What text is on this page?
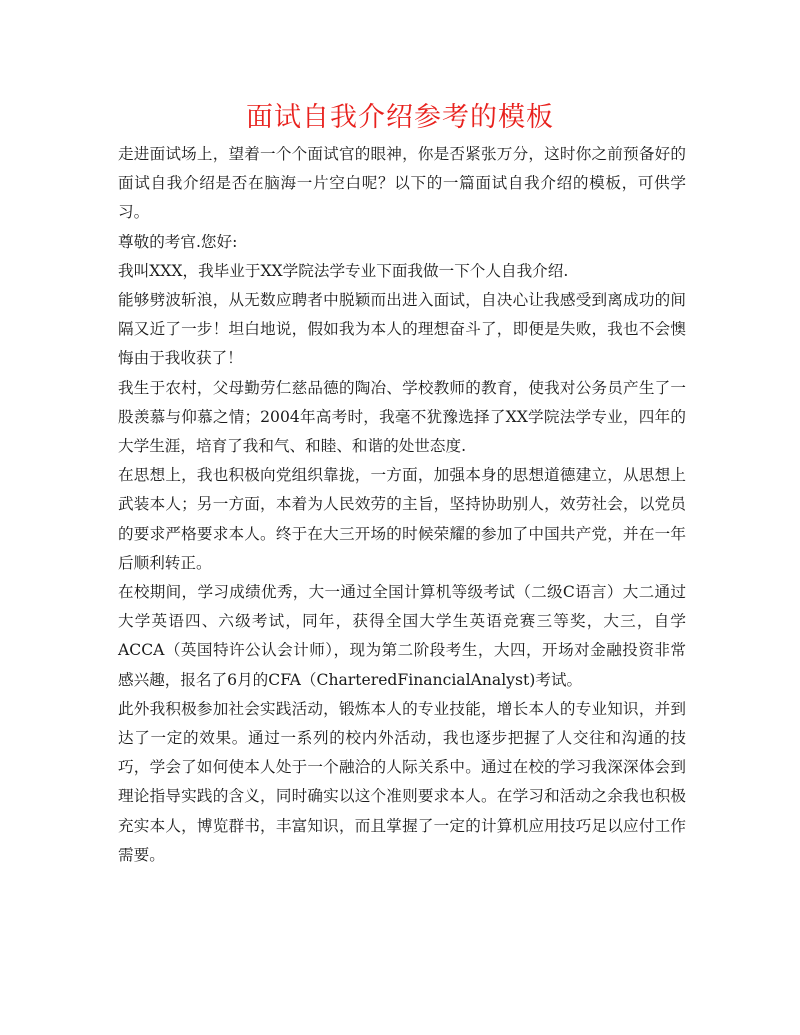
面试自我介绍参考的模板

走进面试场上，望着一个个面试官的眼神，你是否紧张万分，这时你之前预备好的面试自我介绍是否在脑海一片空白呢？以下的一篇面试自我介绍的模板，可供学习。

尊敬的考官.您好:

我叫XXX，我毕业于XX学院法学专业下面我做一下个人自我介绍.

能够劈波斩浪，从无数应聘者中脱颖而出进入面试，自决心让我感受到离成功的间隔又近了一步！坦白地说，假如我为本人的理想奋斗了，即便是失败，我也不会懊悔由于我收获了！

我生于农村，父母勤劳仁慈品德的陶冶、学校教师的教育，使我对公务员产生了一股羡慕与仰慕之情；2004年高考时，我毫不犹豫选择了XX学院法学专业，四年的大学生涯，培育了我和气、和睦、和谐的处世态度.

在思想上，我也积极向党组织靠拢，一方面，加强本身的思想道德建立，从思想上武装本人；另一方面，本着为人民效劳的主旨，坚持协助别人，效劳社会，以党员的要求严格要求本人。终于在大三开场的时候荣耀的参加了中国共产党，并在一年后顺利转正。

在校期间，学习成绩优秀，大一通过全国计算机等级考试（二级C语言）大二通过大学英语四、六级考试，同年，获得全国大学生英语竞赛三等奖，大三，自学ACCA（英国特许公认会计师），现为第二阶段考生，大四，开场对金融投资非常感兴趣，报名了6月的CFA（CharteredFinancialAnalyst)考试。

此外我积极参加社会实践活动，锻炼本人的专业技能，增长本人的专业知识，并到达了一定的效果。通过一系列的校内外活动，我也逐步把握了人交往和沟通的技巧，学会了如何使本人处于一个融洽的人际关系中。通过在校的学习我深深体会到理论指导实践的含义，同时确实以这个准则要求本人。在学习和活动之余我也积极充实本人，博览群书，丰富知识，而且掌握了一定的计算机应用技巧足以应付工作需要。
